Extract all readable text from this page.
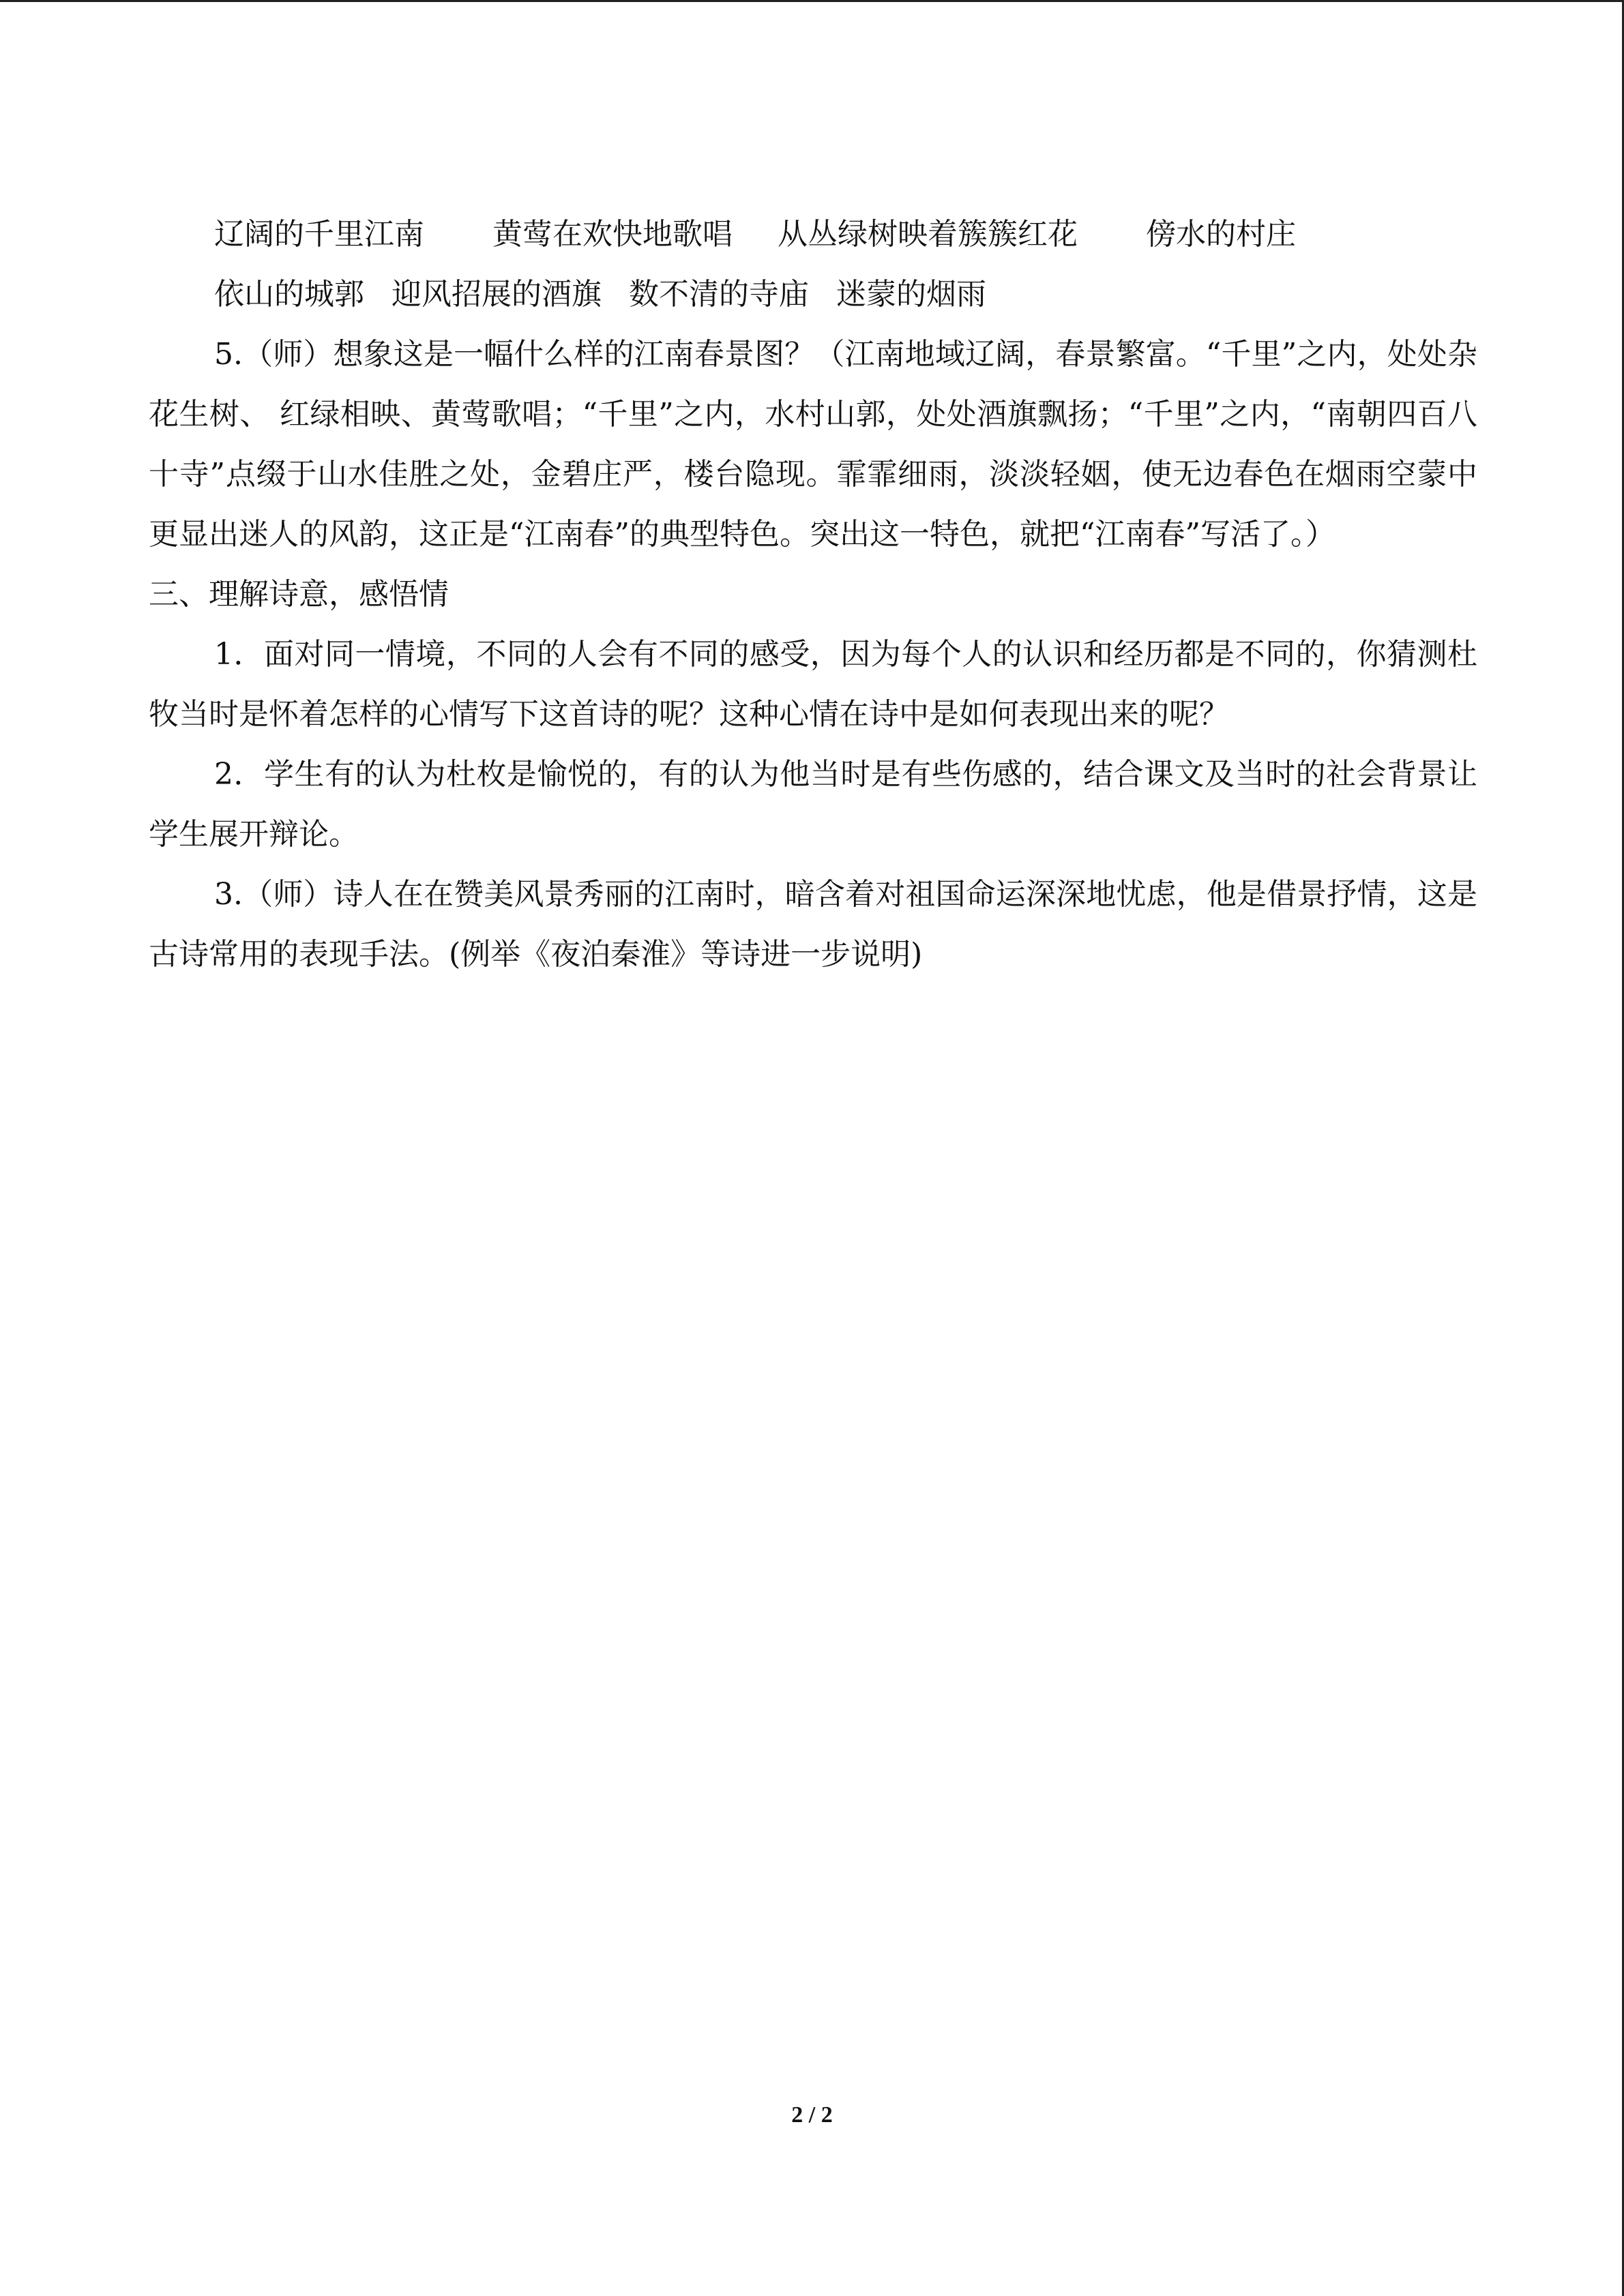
辽阔的千里江南 黄莺在欢快地歌唱 从丛绿树映着簇簇红花 傍水的村庄
依山的城郭 迎风招展的酒旗 数不清的寺庙 迷蒙的烟雨

5.（师）想象这是一幅什么样的江南春景图？（江南地域辽阔，春景繁富。“千里”之内，处处杂花生树、 红绿相映、黄莺歌唱；“千里”之内，水村山郭，处处酒旗飘扬；“千里”之内，“南朝四百八十寺”点缀于山水佳胜之处，金碧庄严，楼台隐现。霏霏细雨，淡淡轻姻，使无边春色在烟雨空蒙中更显出迷人的风韵，这正是“江南春”的典型特色。突出这一特色，就把“江南春”写活了。）

三、理解诗意，感悟情

1．面对同一情境，不同的人会有不同的感受，因为每个人的认识和经历都是不同的，你猜测杜牧当时是怀着怎样的心情写下这首诗的呢？这种心情在诗中是如何表现出来的呢？

2．学生有的认为杜枚是愉悦的，有的认为他当时是有些伤感的，结合课文及当时的社会背景让学生展开辩论。

3.（师）诗人在在赞美风景秀丽的江南时，暗含着对祖国命运深深地忧虑，他是借景抒情，这是古诗常用的表现手法。(例举《夜泊秦淮》等诗进一步说明)

2 / 2
